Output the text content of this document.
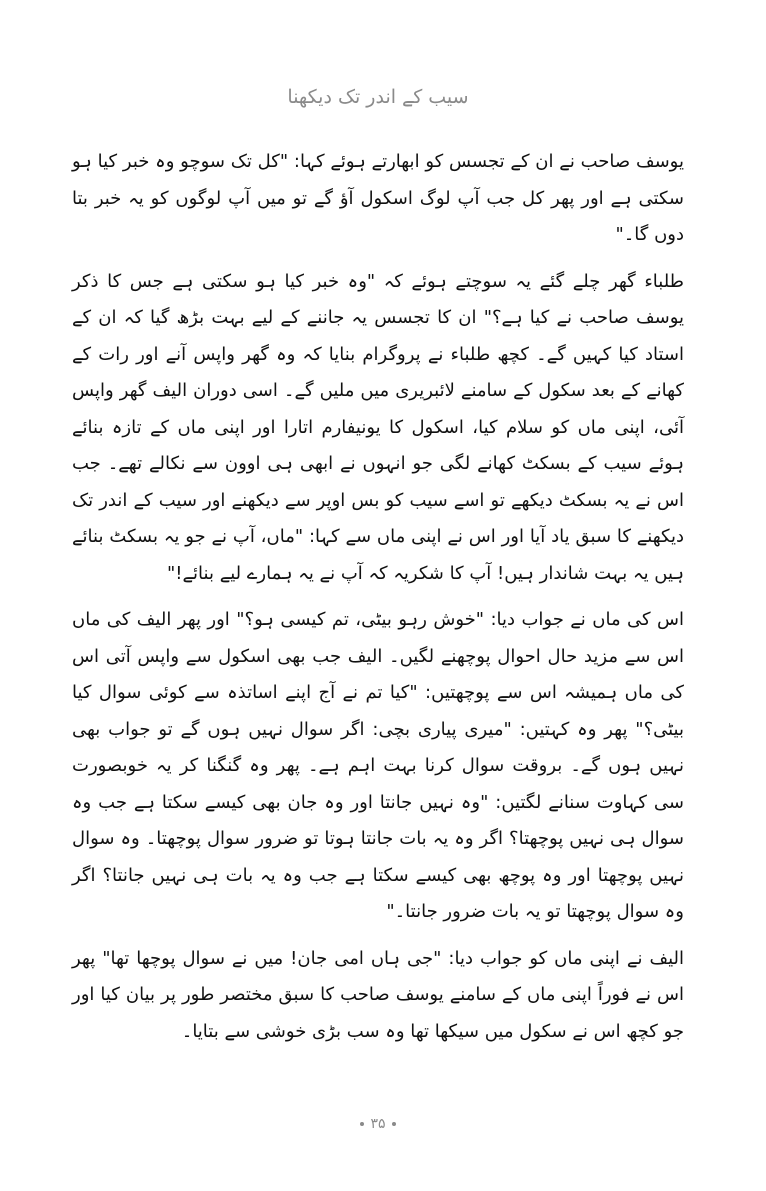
سیب کے اندر تک دیکھنا

یوسف صاحب نے ان کے تجسس کو ابھارتے ہوئے کہا: "کل تک سوچو وہ خبر کیا ہو سکتی ہے اور پھر کل جب آپ لوگ اسکول آؤ گے تو میں آپ لوگوں کو یہ خبر بتا دوں گا۔"

طلباء گھر چلے گئے یہ سوچتے ہوئے کہ "وہ خبر کیا ہو سکتی ہے جس کا ذکر یوسف صاحب نے کیا ہے؟" ان کا تجسس یہ جاننے کے لیے بہت بڑھ گیا کہ ان کے استاد کیا کہیں گے۔ کچھ طلباء نے پروگرام بنایا کہ وہ گھر واپس آنے اور رات کے کھانے کے بعد سکول کے سامنے لائبریری میں ملیں گے۔ اسی دوران الیف گھر واپس آئی، اپنی ماں کو سلام کیا، اسکول کا یونیفارم اتارا اور اپنی ماں کے تازہ بنائے ہوئے سیب کے بسکٹ کھانے لگی جو انہوں نے ابھی ہی اوون سے نکالے تھے۔ جب اس نے یہ بسکٹ دیکھے تو اسے سیب کو بس اوپر سے دیکھنے اور سیب کے اندر تک دیکھنے کا سبق یاد آیا اور اس نے اپنی ماں سے کہا: "ماں، آپ نے جو یہ بسکٹ بنائے ہیں یہ بہت شاندار ہیں! آپ کا شکریہ کہ آپ نے یہ ہمارے لیے بنائے!"

اس کی ماں نے جواب دیا: "خوش رہو بیٹی، تم کیسی ہو؟" اور پھر الیف کی ماں اس سے مزید حال احوال پوچھنے لگیں۔ الیف جب بھی اسکول سے واپس آتی اس کی ماں ہمیشہ اس سے پوچھتیں: "کیا تم نے آج اپنے اساتذہ سے کوئی سوال کیا بیٹی؟" پھر وہ کہتیں: "میری پیاری بچی: اگر سوال نہیں ہوں گے تو جواب بھی نہیں ہوں گے۔ بروقت سوال کرنا بہت اہم ہے۔ پھر وہ گنگنا کر یہ خوبصورت سی کہاوت سنانے لگتیں: "وہ نہیں جانتا اور وہ جان بھی کیسے سکتا ہے جب وہ سوال ہی نہیں پوچھتا؟ اگر وہ یہ بات جانتا ہوتا تو ضرور سوال پوچھتا۔ وہ سوال نہیں پوچھتا اور وہ پوچھ بھی کیسے سکتا ہے جب وہ یہ بات ہی نہیں جانتا؟ اگر وہ سوال پوچھتا تو یہ بات ضرور جانتا۔"

الیف نے اپنی ماں کو جواب دیا: "جی ہاں امی جان! میں نے سوال پوچھا تھا" پھر اس نے فوراً اپنی ماں کے سامنے یوسف صاحب کا سبق مختصر طور پر بیان کیا اور جو کچھ اس نے سکول میں سیکھا تھا وہ سب بڑی خوشی سے بتایا۔

۳۵
